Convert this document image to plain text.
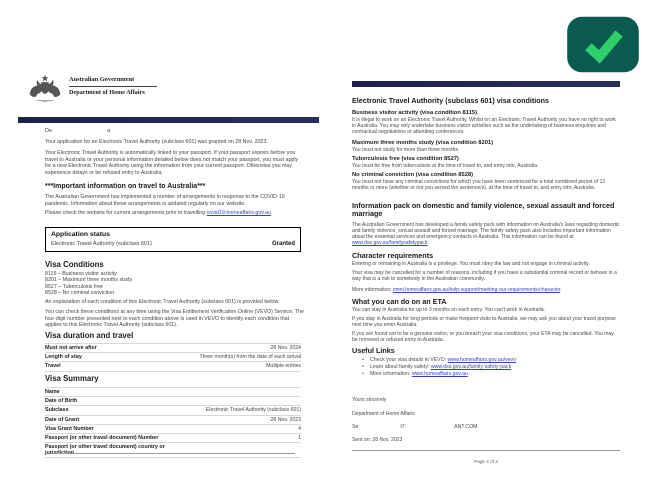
Australian Government
Department of Home Affairs
De	a
Your application for an Electronic Travel Authority (subclass 601) was granted on 28 Nov. 2023.
Your Electronic Travel Authority is automatically linked to your passport. If your passport expires before you travel to Australia or your personal information detailed below does not match your passport, you must apply for a new Electronic Travel Authority using the information from your current passport. Otherwise you may experience delays or be refused entry to Australia.
***Important information on travel to Australia***
The Australian Government has implemented a number of arrangements in response to the COVID-19 pandemic. Information about these arrangements is updated regularly on our website.
Please check the website for current arrangements prior to travelling covid19.homeaffairs.gov.au
Application status
Electronic Travel Authority (subclass 601)	Granted
Visa Conditions
8115 – Business visitor activity
8201 – Maximum three months study
8527 – Tuberculosis free
8528 – No criminal conviction
An explanation of each condition of this Electronic Travel Authority (subclass 601) is provided below.
You can check these conditions at any time using the Visa Entitlement Verification Online (VEVO) Service. The four-digit number presented next to each condition above is used in VEVO to identify each condition that applies to this Electronic Travel Authority (subclass 601).
Visa duration and travel
Must not arrive after	28 Nov. 2024
Length of stay	Three month(s) from the date of each arrival
Travel	Multiple entries
Visa Summary
Name
Date of Birth
Subclass	Electronic Travel Authority (subclass 601)
Date of Grant	28 Nov. 2023
Visa Grant Number	4
Passport (or other travel document) Number	1
Passport (or other travel document) country or jurisdiction
·
Electronic Travel Authority (subclass 601) visa conditions
Business visitor activity (visa condition 8115)
It is illegal to work on an Electronic Travel Authority. Whilst on an Electronic Travel Authority you have no right to work in Australia. You may only undertake business visitor activities such as the undertaking of business enquiries and contractual negotiations or attending conferences.
Maximum three months study (visa condition 8201)
You must not study for more than three months.
Tuberculosis free (visa condition 8527)
You must be free from tuberculosis at the time of travel to, and entry into, Australia.
No criminal conviction (visa condition 8528)
You must not have any criminal convictions for which you have been sentenced for a total combined period of 12 months or more (whether or not you served the sentence/s), at the time of travel to, and entry into, Australia.
Information pack on domestic and family violence, sexual assault and forced marriage
The Australian Government has developed a family safety pack with information on Australia's laws regarding domestic and family violence, sexual assault and forced marriage. The family safety pack also includes important information about the essential services and emergency contacts in Australia. This information can be found at www.dss.gov.au/familysafetypack.
Character requirements
Entering or remaining in Australia is a privilege. You must obey the law and not engage in criminal activity.
Your visa may be cancelled for a number of reasons, including if you have a substantial criminal record or behave in a way that is a risk to somebody in the Australian community.
More information: immi.homeaffairs.gov.au/help-support/meeting-our-requirements/character.
What you can do on an ETA
You can stay in Australia for up to 3 months on each entry. You can't work in Australia.
If you stay in Australia for long periods or make frequent visits to Australia, we may ask you about your travel purpose next time you enter Australia.
If you are found not to be a genuine visitor, or you breach your visa conditions, your ETA may be cancelled. You may be removed or refused entry to Australia.
Useful Links
• Check your visa details in VEVO: www.homeaffairs.gov.au/vevo
• Learn about family safety: www.dss.gov.au/family-safety-pack
• More information: www.homeaffairs.gov.au
Yours sincerely
Department of Home Affairs
Se	t7:	ANT.COM
Sent on: 28 Nov. 2023
Page 2 of 2
